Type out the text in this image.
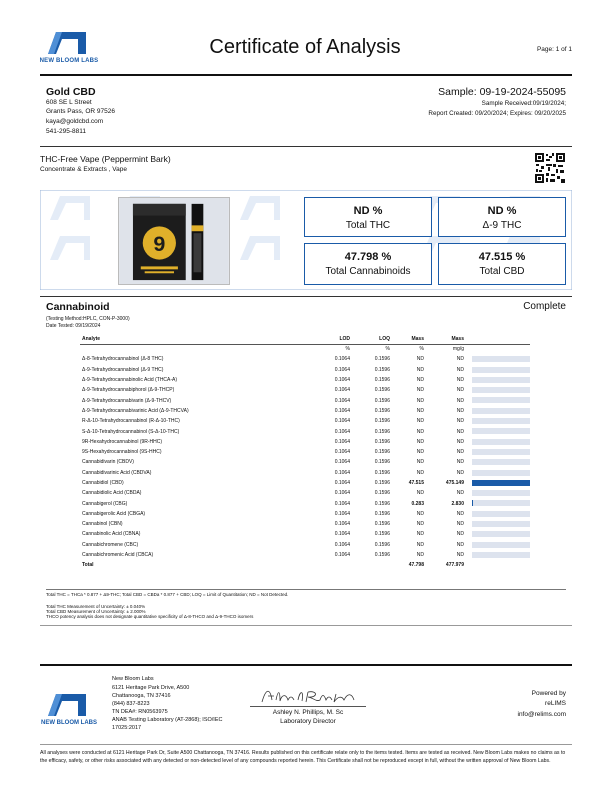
NEW BLOOM LABS
Certificate of Analysis	Page: 1 of 1
Gold CBD
608 SE L Street
Grants Pass, OR 97526
kaya@goldcbd.com
541-295-8811
Sample: 09-19-2024-55095
Sample Received:09/19/2024;
Report Created: 09/20/2024; Expires: 09/20/2025
THC-Free Vape (Peppermint Bark)
Concentrate & Extracts , Vape
9
ND %
Total THC
ND %
Δ-9 THC
47.798 %
Total Cannabinoids
47.515 %
Total CBD
Cannabinoid	Complete
(Testing Method:HPLC, CON-P-3000)
Date Tested: 09/19/2024
Analyte	LOD	LOQ	Mass	Mass	
	%	%	%	mg/g	
Δ-8-Tetrahydrocannabinol (Δ-8 THC)	0.1064	0.1596	ND	ND	

Δ-9-Tetrahydrocannabinol (Δ-9 THC)	0.1064	0.1596	ND	ND	

Δ-9-Tetrahydrocannabinolic Acid (THCA-A)	0.1064	0.1596	ND	ND	

Δ-9-Tetrahydrocannabiphorol (Δ-9-THCP)	0.1064	0.1596	ND	ND	

Δ-9-Tetrahydrocannabivarin (Δ-9-THCV)	0.1064	0.1596	ND	ND	

Δ-9-Tetrahydrocannabivarinic Acid (Δ-9-THCVA)	0.1064	0.1596	ND	ND	

R-Δ-10-Tetrahydrocannabinol (R-Δ-10-THC)	0.1064	0.1596	ND	ND	

S-Δ-10-Tetrahydrocannabinol (S-Δ-10-THC)	0.1064	0.1596	ND	ND	

9R-Hexahydrocannabinol (9R-HHC)	0.1064	0.1596	ND	ND	

9S-Hexahydrocannabinol (9S-HHC)	0.1064	0.1596	ND	ND	

Cannabidivarin (CBDV)	0.1064	0.1596	ND	ND	

Cannabidivarinic Acid (CBDVA)	0.1064	0.1596	ND	ND	

Cannabidiol (CBD)	0.1064	0.1596	47.515	475.149	

Cannabidiolic Acid (CBDA)	0.1064	0.1596	ND	ND	

Cannabigerol (CBG)	0.1064	0.1596	0.283	2.830	

Cannabigerolic Acid (CBGA)	0.1064	0.1596	ND	ND	

Cannabinol (CBN)	0.1064	0.1596	ND	ND	

Cannabinolic Acid (CBNA)	0.1064	0.1596	ND	ND	

Cannabichromene (CBC)	0.1064	0.1596	ND	ND	

Cannabichromenic Acid (CBCA)	0.1064	0.1596	ND	ND	

Total			47.798	477.979	
Total THC = THCa * 0.877 + Δ9-THC; Total CBD = CBDa * 0.877 + CBD; LOQ = Limit of Quantitation; ND = Not Detected.
Total THC Measurement of Uncertainty: ± 0.040%
Total CBD Measurement of Uncertainty: ± 2.000%
THCO potency analysis does not designate quantitative specificity of Δ-8-THCO and Δ-9-THCO isomers
NEW BLOOM LABS
New Bloom Labs
6121 Heritage Park Drive, A500
Chattanooga, TN 37416
(844) 837-8223
TN DEA#: RN0563975
ANAB Testing Laboratory (AT-2868); ISO/IEC
17025:2017
Ashley N. Phillips, M. Sc
Laboratory Director
Powered by
reLIMS
info@relims.com
All analyses were conducted at 6121 Heritage Park Dr, Suite A500 Chattanooga, TN 37416. Results published on this certificate relate only to the items tested. Items are tested as received. New Bloom Labs makes no claims as to the efficacy, safety, or other risks associated with any detected or non-detected level of any compounds reported herein. This Certificate shall not be reproduced except in full, without the written approval of New Bloom Labs.
